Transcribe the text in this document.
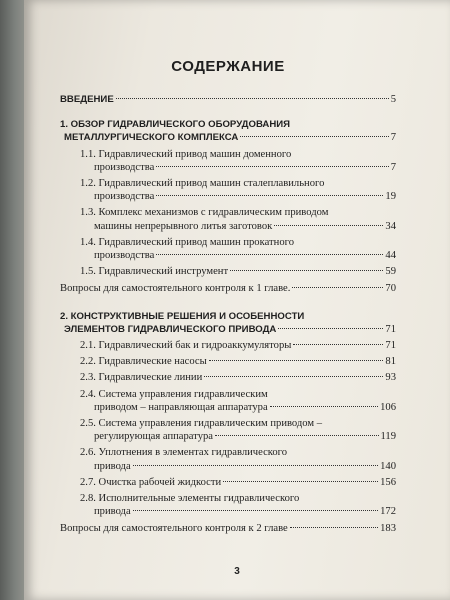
СОДЕРЖАНИЕ
ВВЕДЕНИЕ	5
1. ОБЗОР ГИДРАВЛИЧЕСКОГО ОБОРУДОВАНИЯ
МЕТАЛЛУРГИЧЕСКОГО КОМПЛЕКСА	7
1.1. Гидравлический привод машин доменного
производства	7
1.2. Гидравлический привод машин сталеплавильного
производства	19
1.3. Комплекс механизмов с гидравлическим приводом
машины непрерывного литья заготовок	34
1.4. Гидравлический привод машин прокатного
производства	44
1.5. Гидравлический инструмент	59
Вопросы для самостоятельного контроля к 1 главе.	70
2. КОНСТРУКТИВНЫЕ РЕШЕНИЯ И ОСОБЕННОСТИ
ЭЛЕМЕНТОВ ГИДРАВЛИЧЕСКОГО ПРИВОДА	71
2.1. Гидравлический бак и гидроаккумуляторы	71
2.2. Гидравлические насосы	81
2.3. Гидравлические линии	93
2.4. Система управления гидравлическим
приводом – направляющая аппаратура	106
2.5. Система управления гидравлическим приводом –
регулирующая аппаратура	119
2.6. Уплотнения в элементах гидравлического
привода	140
2.7. Очистка рабочей жидкости	156
2.8. Исполнительные элементы гидравлического
привода	172
Вопросы для самостоятельного контроля к 2 главе	183
3
